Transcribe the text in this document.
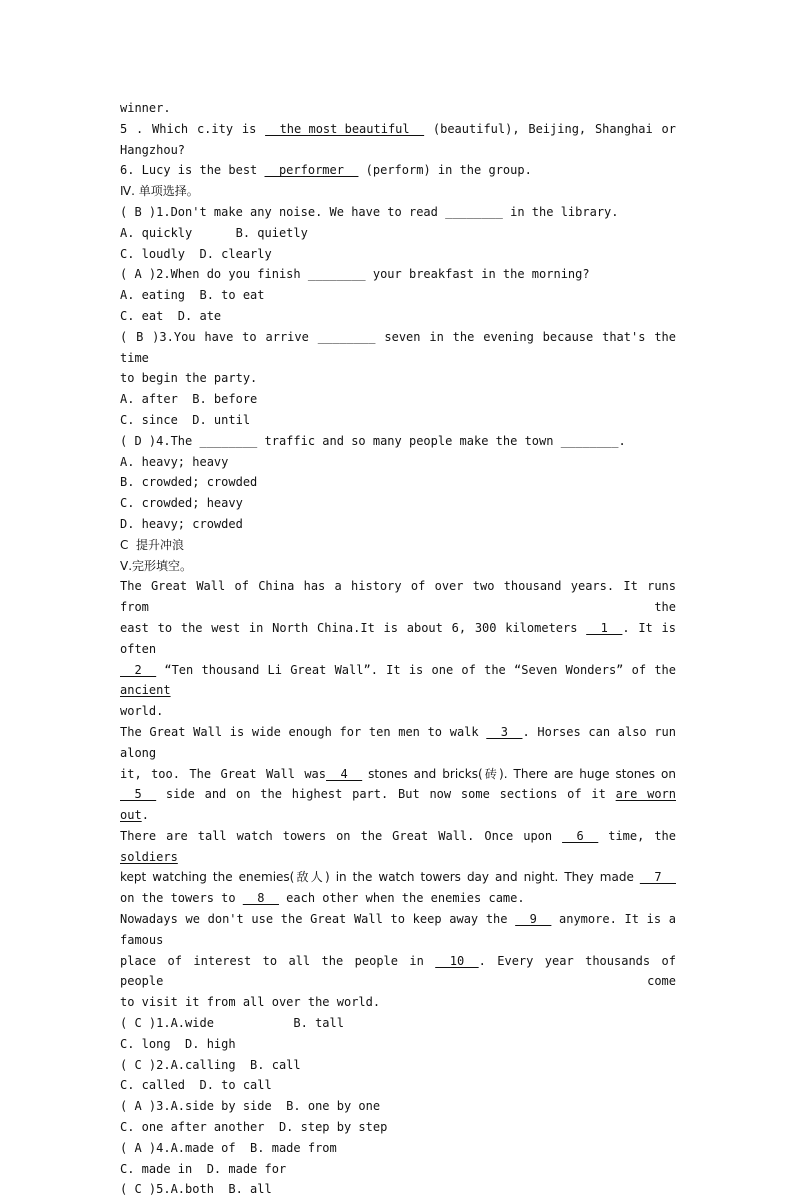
winner.
5 . Which c.ity is __the_most_beautiful__ (beautiful), Beijing, Shanghai or
Hangzhou?
6. Lucy is the best __performer__ (perform) in the group.
Ⅳ. 单项选择。
( B )1.Don't make any noise. We have to read ________ in the library.
A. quickly      B. quietly
C. loudly  D. clearly
( A )2.When do you finish ________ your breakfast in the morning?
A. eating  B. to eat
C. eat  D. ate
( B )3.You have to arrive ________ seven in the evening because that's the time
to begin the party.
A. after  B. before
C. since  D. until
( D )4.The ________ traffic and so many people make the town ________.
A. heavy; heavy
B. crowded; crowded
C. crowded; heavy
D. heavy; crowded
C  提升冲浪
Ⅴ.完形填空。
The Great Wall of China has a history of over two thousand years. It runs from the
east to the west in North China.It is about 6, 300 kilometers __1__. It is often
__2__ “Ten thousand Li Great Wall”. It is one of the “Seven Wonders” of the ancient
world.
The Great Wall is wide enough for ten men to walk __3__. Horses can also run along
it, too. The Great Wall was__4__ stones and bricks(砖). There are huge stones on
__5__ side and on the highest part. But now some sections of it are worn out.
There are tall watch towers on the Great Wall. Once upon __6__ time, the soldiers
kept watching the enemies(敌人) in the watch towers day and night. They made __7__
on the towers to __8__ each other when the enemies came.
Nowadays we don't use the Great Wall to keep away the __9__ anymore. It is a famous
place of interest to all the people in __10__. Every year thousands of people come
to visit it from all over the world.
( C )1.A.wide           B. tall
C. long  D. high
( C )2.A.calling  B. call
C. called  D. to call
( A )3.A.side by side  B. one by one
C. one after another  D. step by step
( A )4.A.made of  B. made from
C. made in  D. made for
( C )5.A.both  B. all
